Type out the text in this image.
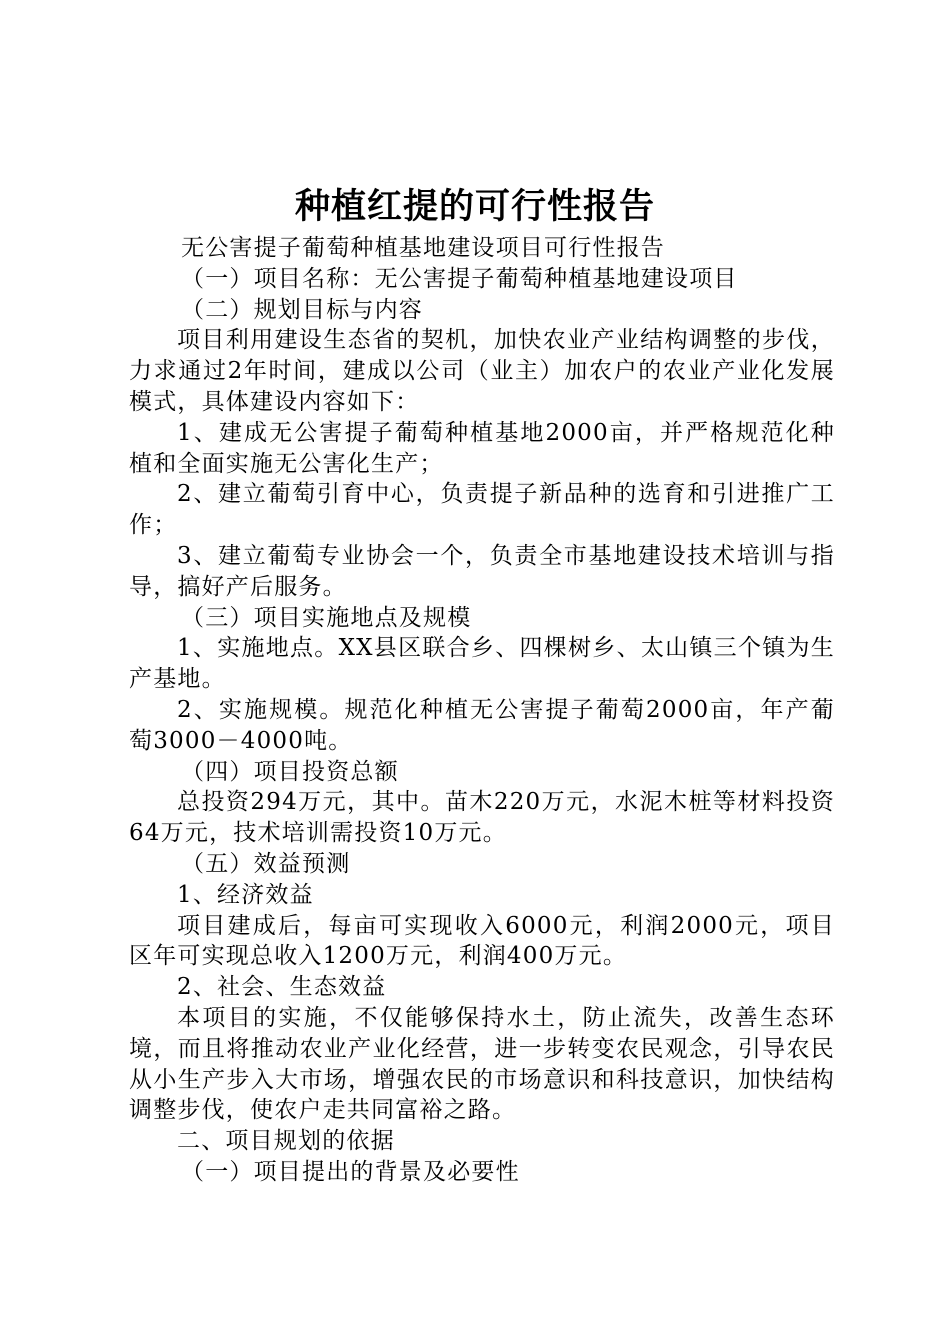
种植红提的可行性报告

无公害提子葡萄种植基地建设项目可行性报告

（一）项目名称：无公害提子葡萄种植基地建设项目

（二）规划目标与内容

项目利用建设生态省的契机，加快农业产业结构调整的步伐，力求通过2年时间，建成以公司（业主）加农户的农业产业化发展模式，具体建设内容如下：

1、建成无公害提子葡萄种植基地2000亩，并严格规范化种植和全面实施无公害化生产；

2、建立葡萄引育中心，负责提子新品种的选育和引进推广工作；

3、建立葡萄专业协会一个，负责全市基地建设技术培训与指导，搞好产后服务。

（三）项目实施地点及规模

1、实施地点。XX县区联合乡、四棵树乡、太山镇三个镇为生产基地。

2、实施规模。规范化种植无公害提子葡萄2000亩，年产葡萄3000－4000吨。

（四）项目投资总额

总投资294万元，其中。苗木220万元，水泥木桩等材料投资64万元，技术培训需投资10万元。

（五）效益预测

1、经济效益

项目建成后，每亩可实现收入6000元，利润2000元，项目区年可实现总收入1200万元，利润400万元。

2、社会、生态效益

本项目的实施，不仅能够保持水土，防止流失，改善生态环境，而且将推动农业产业化经营，进一步转变农民观念，引导农民从小生产步入大市场，增强农民的市场意识和科技意识，加快结构调整步伐，使农户走共同富裕之路。

二、项目规划的依据

（一）项目提出的背景及必要性
